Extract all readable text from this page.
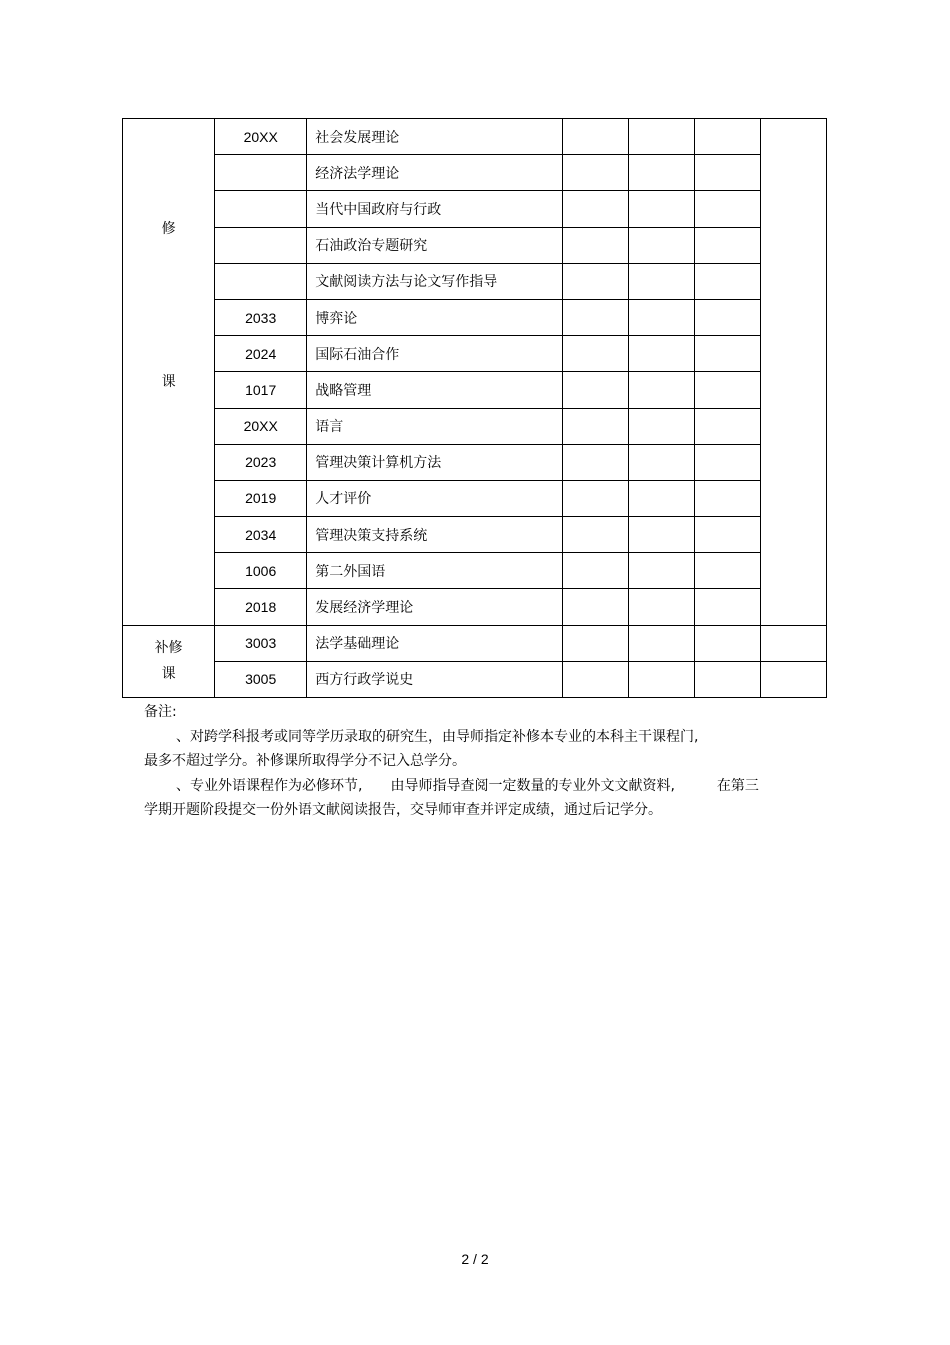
修
课	20XX	社会发展理论				
		经济法学理论				
		当代中国政府与行政				
		石油政治专题研究				
		文献阅读方法与论文写作指导				
	2033	博弈论				
	2024	国际石油合作				
	1017	战略管理				
	20XX	语言				
	2023	管理决策计算机方法				
	2019	人才评价				
	2034	管理决策支持系统				
	1006	第二外国语				
	2018	发展经济学理论				

补修
课	3003	法学基础理论				
	3005	西方行政学说史				

备注:

、对跨学科报考或同等学历录取的研究生，由导师指定补修本专业的本科主干课程门,

最多不超过学分。补修课所取得学分不记入总学分。

、专业外语课程作为必修环节, 由导师指导查阅一定数量的专业外文文献资料,	在第三

学期开题阶段提交一份外语文献阅读报告，交导师审查并评定成绩，通过后记学分。

2 / 2
